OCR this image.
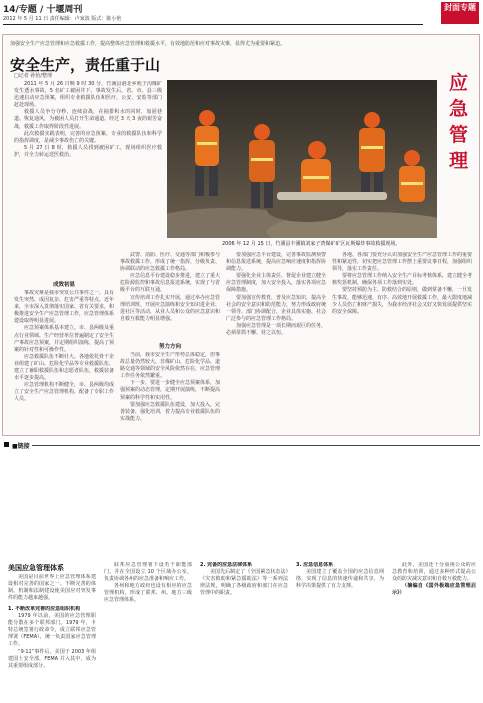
14/专题 / 十堰周刊
2012 年 5 月 11 日 责任编辑：卢家波 版式：陈小艳
封面专题
加强安全生产应急管理和应急救援工作，提高整体应急管理和救援水平，有效地防范和应对事故灾难，显得尤为重要和紧迫。
安全生产，责任重于山
□记者 孙怡/整理	应急管理
2006 年 12 月 15 日，竹溪县丰溪镇刘家子湾煤矿矿区瓦斯爆炸事故救援现场。

2011 年 5 月 26 日晚 9 时 30 分，竹溪县港北乡耗子沟煤矿发生透水事故，5 名矿工被困井下。事故发生后，省、市、县三级迅速启动应急预案，组织专业救援队伍和医疗、公安、安监等部门赶赴现场。

救援人员争分夺秒，连续奋战，在抽排积水的同时，加固巷道、恢复通风，为被困人员打开生命通道。经过 3 天 3 夜的艰苦奋战，救援工作取得阶段性进展。

此次救援实践表明，完善的应急预案、专业的救援队伍和科学的指挥调度，是减少事故伤亡的关键。

5 月 27 日 8 时，救援人员找到被困矿工，现场组织医疗救护，并全力转运送医救治。

成效初显

事故灾难是我市突发公共事件之一，具有发生突然、成因复杂、危害严重等特点。近年来，全市深入贯彻落实国家、省有关要求，积极推进安全生产应急管理工作，应急管理体系建设取得明显进展。

应急预案体系基本建立。市、县两级及重点行业领域、生产经营单位普遍制定了安全生产事故应急预案，并定期组织演练，提高了预案的针对性和可操作性。

应急救援队伍不断壮大。各地依托骨干企业组建了矿山、危险化学品等专业救援队伍，建立了兼职救援队伍和志愿者队伍，救援装备水平逐步提高。

应急管理机构不断健全，市、县两级均成立了安全生产应急管理机构，配备了专职工作人员。

武警、消防、医疗、交通等部门积极参与事故救援工作，形成了统一指挥、分级负责、协调联动的应急救援工作格局。

应急信息平台建设稳步推进，建立了重大危险源监控和事故信息报送系统，实现了与省级平台的互联互通。

宣传培训工作扎实开展，通过举办应急管理培训班、开展应急演练和安全知识进企业、进社区等活动，从业人员和公众的应急意识和自救互救能力明显增强。

努力方向

当前，我市安全生产形势总体稳定，但事故总量仍然较大，非煤矿山、危险化学品、道路交通等领域的安全风险依然存在，应急管理工作任务依然繁重。

下一步，要进一步健全应急预案体系，加强预案的动态管理，定期开展演练，不断提高预案的科学性和实用性。

要加强应急救援队伍建设，加大投入，完善装备，强化培训，着力提高专业救援队伍的实战能力。

要加强应急平台建设，完善事故监测预警和信息报送系统，提高应急响应速度和指挥协调能力。

要强化企业主体责任，督促企业建立健全应急管理制度，加大安全投入，落实各项应急保障措施。

要加强宣传教育，普及应急知识，提高全社会的安全意识和防范能力，努力形成政府统一领导、部门协调配合、企业具体实施、社会广泛参与的应急管理工作格局。

加强应急管理是一项长期而艰巨的任务，必须常抓不懈、持之以恒。

各地、各部门要充分认识加强安全生产应急管理工作的重要性和紧迫性，切实把应急管理工作摆上重要议事日程，加强组织领导，落实工作责任。

要将应急管理工作纳入安全生产目标考核体系，建立健全考核奖惩机制，确保各项工作落到实处。

要坚持预防为主、防救结合的原则，做到常备不懈，一旦发生事故，能够迅速、有序、高效地开展救援工作，最大限度地减少人员伤亡和财产损失，为我市经济社会又好又快发展提供坚实的安全保障。

■链接
美国应急管理体系

美国是目前世界上应急管理体系建设相对完善的国家之一。不断完善的体制、机制和法制建设使美国应对突发事件的能力越来越强。

1. 不断改革完善的应急组织机构

1979 年以前，美国的应急管理职能分散在多个联邦部门。1979 年，卡特总统签署行政命令，成立联邦应急管理署（FEMA），统一负责国家应急管理工作。

“9·11”事件后，美国于 2003 年组建国土安全部，FEMA 并入其中，成为其重要组成部分。

联邦应急管理署下设若干职能部门，并在全国设立 10 个区域办公室，负责协调各州的应急准备和响应工作。

各州和地方政府也设有相应的应急管理机构，形成了联邦、州、地方三级应急管理体系。

2. 完备的应急法律体系

美国先后制定了《全国紧急状态法》《灾害救助和紧急援助法》等一系列法律法规，明确了各级政府和部门在应急管理中的职责。

3. 应急信息体系

美国建立了覆盖全国的应急信息网络，实现了信息的快速传递和共享，为科学决策提供了有力支撑。

此外，美国还十分重视公众的应急教育和培训，通过多种形式提高公众的防灾减灾意识和自救互救能力。

（摘编自《国外极端应急管理启示》）
